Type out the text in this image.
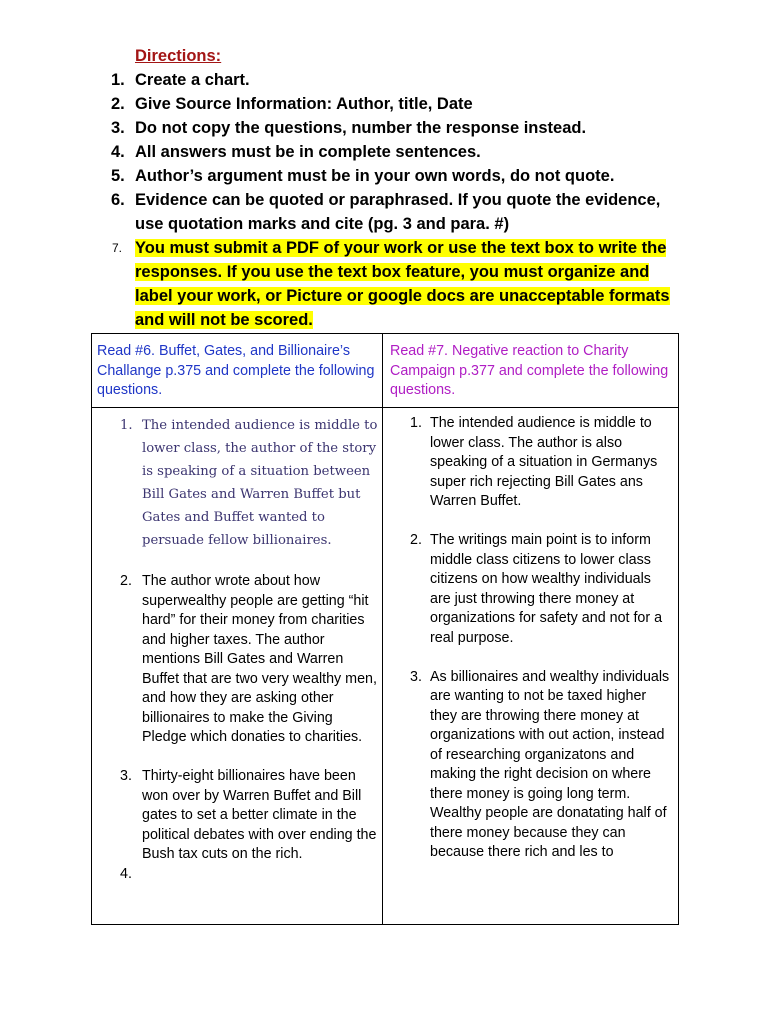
Directions:
1. Create a chart.
2. Give Source Information: Author, title, Date
3. Do not copy the questions, number the response instead.
4. All answers must be in complete sentences.
5. Author’s argument must be in your own words, do not quote.
6. Evidence can be quoted or paraphrased. If you quote the evidence, use quotation marks and cite (pg. 3 and para. #)
7. You must submit a PDF of your work or use the text box to write the responses. If you use the text box feature, you must organize and label your work, or Picture or google docs are unacceptable formats and will not be scored.
Read #6. Buffet, Gates, and Billionaire’s Challange p.375 and complete the following questions.
Read #7. Negative reaction to Charity Campaign p.377 and complete the following questions.
1. The intended audience is middle to lower class, the author of the story is speaking of a situation between Bill Gates and Warren Buffet but Gates and Buffet wanted to persuade fellow billionaires.
2. The author wrote about how superwealthy people are getting “hit hard” for their money from charities and higher taxes. The author mentions Bill Gates and Warren Buffet that are two very wealthy men, and how they are asking other billionaires to make the Giving Pledge which donaties to charities.
3. Thirty-eight billionaires have been won over by Warren Buffet and Bill gates to set a better climate in the political debates with over ending the Bush tax cuts on the rich.
4.

1. The intended audience is middle to lower class. The author is also speaking of a situation in Germanys super rich rejecting Bill Gates ans Warren Buffet.
2. The writings main point is to inform middle class citizens to lower class citizens on how wealthy individuals are just throwing there money at organizations for safety and not for a real purpose.
3. As billionaires and wealthy individuals are wanting to not be taxed higher they are throwing there money at organizations with out action, instead of researching organizatons and making the right decision on where there money is going long term. Wealthy people are donatating half of there money because they can because there rich and les to
